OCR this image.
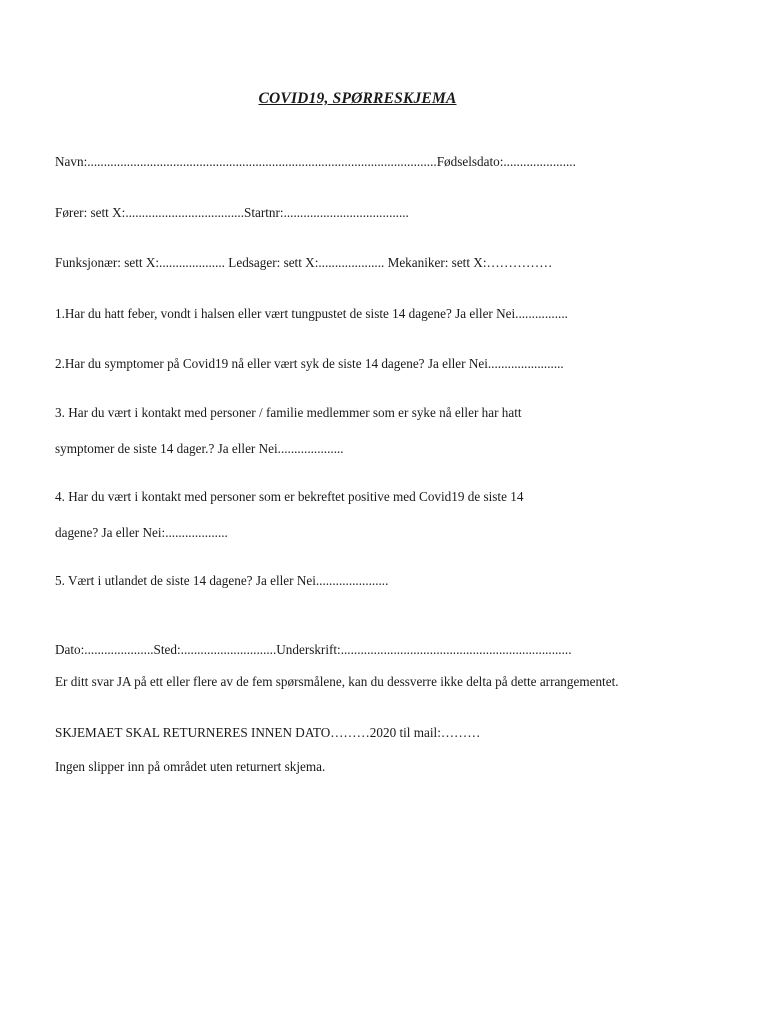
COVID19, SPØRRESKJEMA
Navn:..........................................................................................................Fødselsdato:......................
Fører: sett X:....................................Startnr:......................................
Funksjonær: sett X:.................... Ledsager: sett X:.................... Mekaniker: sett X:……………
1.Har du hatt feber, vondt i halsen eller vært tungpustet de siste 14 dagene? Ja eller Nei................
2.Har du symptomer på Covid19 nå eller vært syk de siste 14 dagene? Ja eller Nei.......................
3. Har du vært i kontakt med personer / familie medlemmer som er syke nå eller har hatt
symptomer de siste 14 dager.? Ja eller Nei....................
4. Har du vært i kontakt med personer som er bekreftet positive med Covid19 de siste 14
dagene? Ja eller Nei:...................
5. Vært i utlandet de siste 14 dagene? Ja eller Nei......................
Dato:.....................Sted:.............................Underskrift:......................................................................
Er ditt svar JA på ett eller flere av de fem spørsmålene, kan du dessverre ikke delta på dette arrangementet.
SKJEMAET SKAL RETURNERES INNEN DATO………2020 til mail:………
Ingen slipper inn på området uten returnert skjema.
